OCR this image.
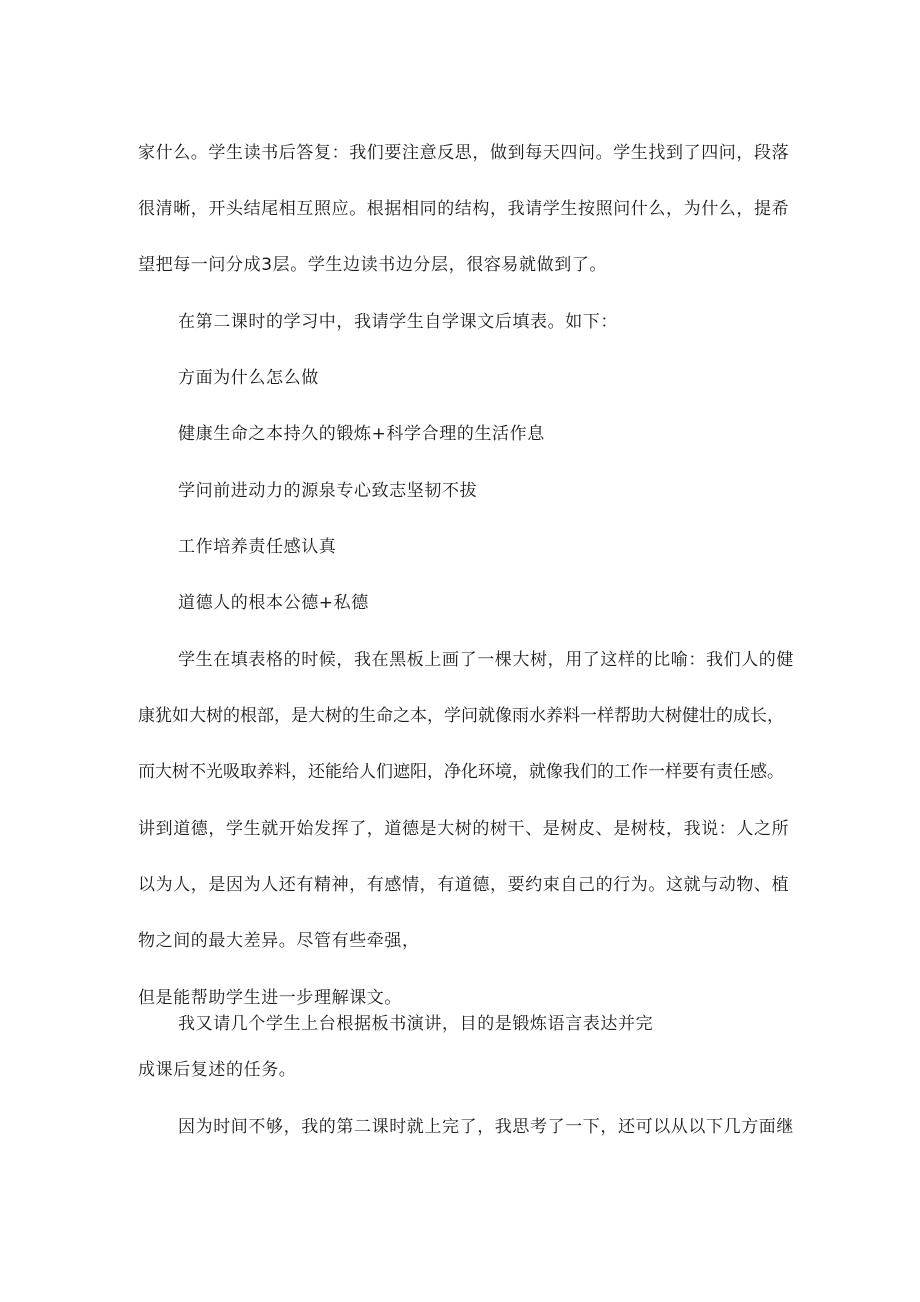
家什么。学生读书后答复：我们要注意反思，做到每天四问。学生找到了四问，段落
很清晰，开头结尾相互照应。根据相同的结构，我请学生按照问什么，为什么，提希
望把每一问分成3层。学生边读书边分层，很容易就做到了。
在第二课时的学习中，我请学生自学课文后填表。如下：
方面为什么怎么做
健康生命之本持久的锻炼+科学合理的生活作息
学问前进动力的源泉专心致志坚韧不拔
工作培养责任感认真
道德人的根本公德+私德
学生在填表格的时候，我在黑板上画了一棵大树，用了这样的比喻：我们人的健
康犹如大树的根部，是大树的生命之本，学问就像雨水养料一样帮助大树健壮的成长，
而大树不光吸取养料，还能给人们遮阳，净化环境，就像我们的工作一样要有责任感。
讲到道德，学生就开始发挥了，道德是大树的树干、是树皮、是树枝，我说：人之所
以为人，是因为人还有精神，有感情，有道德，要约束自己的行为。这就与动物、植
物之间的最大差异。尽管有些牵强，
但是能帮助学生进一步理解课文。
我又请几个学生上台根据板书演讲，目的是锻炼语言表达并完
成课后复述的任务。
因为时间不够，我的第二课时就上完了，我思考了一下，还可以从以下几方面继
